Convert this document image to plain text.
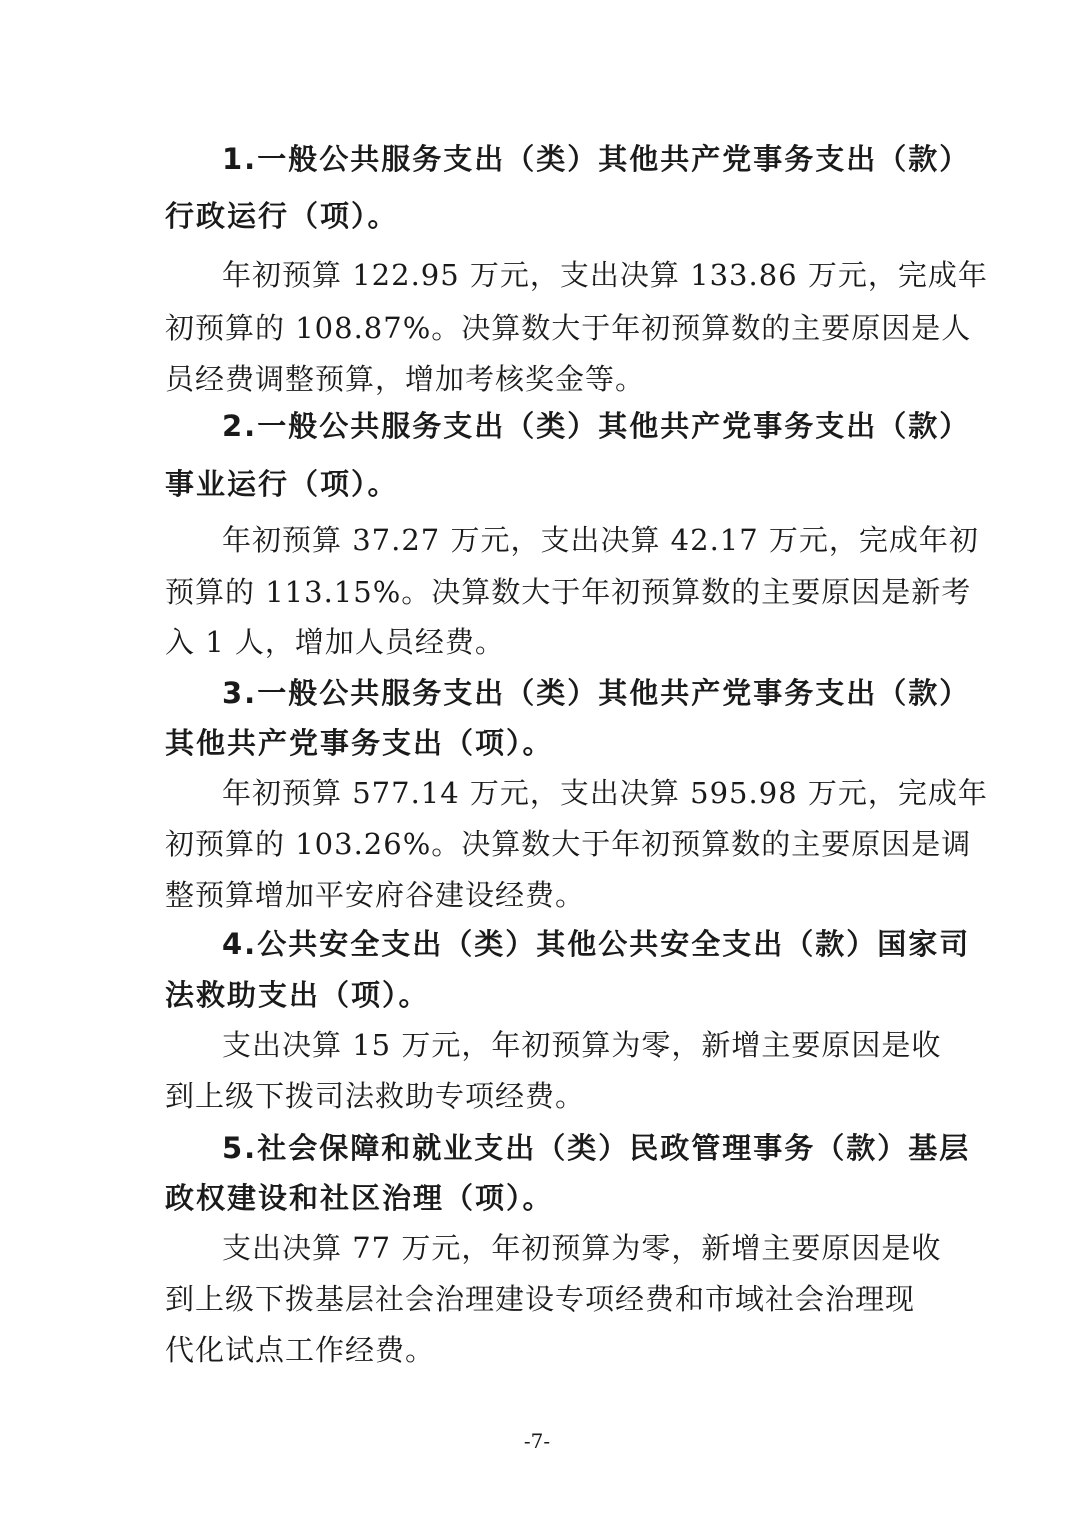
1.一般公共服务支出（类）其他共产党事务支出（款）
行政运行（项）。
年初预算 122.95 万元，支出决算 133.86 万元，完成年
初预算的 108.87%。决算数大于年初预算数的主要原因是人
员经费调整预算，增加考核奖金等。
2.一般公共服务支出（类）其他共产党事务支出（款）
事业运行（项）。
年初预算 37.27 万元，支出决算 42.17 万元，完成年初
预算的 113.15%。决算数大于年初预算数的主要原因是新考
入 1 人，增加人员经费。
3.一般公共服务支出（类）其他共产党事务支出（款）
其他共产党事务支出（项）。
年初预算 577.14 万元，支出决算 595.98 万元，完成年
初预算的 103.26%。决算数大于年初预算数的主要原因是调
整预算增加平安府谷建设经费。
4.公共安全支出（类）其他公共安全支出（款）国家司
法救助支出（项）。
支出决算 15 万元，年初预算为零，新增主要原因是收
到上级下拨司法救助专项经费。
5.社会保障和就业支出（类）民政管理事务（款）基层
政权建设和社区治理（项）。
支出决算 77 万元，年初预算为零，新增主要原因是收
到上级下拨基层社会治理建设专项经费和市域社会治理现
代化试点工作经费。
-7-
